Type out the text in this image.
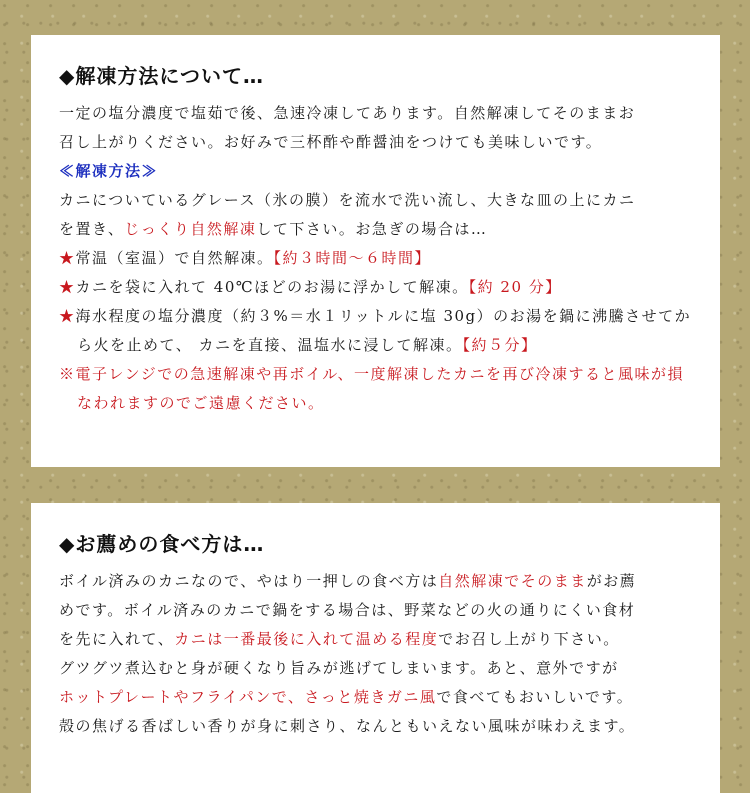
◆解凍方法について…
一定の塩分濃度で塩茹で後、急速冷凍してあります。自然解凍してそのままお
召し上がりください。お好みで三杯酢や酢醤油をつけても美味しいです。
≪解凍方法≫
カニについているグレース（氷の膜）を流水で洗い流し、大きな皿の上にカニ
を置き、じっくり自然解凍して下さい。お急ぎの場合は…
★常温（室温）で自然解凍。【約３時間～６時間】
★カニを袋に入れて 40℃ほどのお湯に浮かして解凍。【約 20 分】
★海水程度の塩分濃度（約３%＝水１リットルに塩 30g）のお湯を鍋に沸騰させてから火を止めて、 カニを直接、温塩水に浸して解凍。【約５分】
※電子レンジでの急速解凍や再ボイル、一度解凍したカニを再び冷凍すると風味が損なわれますのでご遠慮ください。
◆お薦めの食べ方は…
ボイル済みのカニなので、やはり一押しの食べ方は自然解凍でそのままがお薦
めです。ボイル済みのカニで鍋をする場合は、野菜などの火の通りにくい食材
を先に入れて、カニは一番最後に入れて温める程度でお召し上がり下さい。
グツグツ煮込むと身が硬くなり旨みが逃げてしまいます。あと、意外ですが
ホットプレートやフライパンで、さっと焼きガニ風で食べてもおいしいです。
殻の焦げる香ばしい香りが身に刺さり、なんともいえない風味が味わえます。
